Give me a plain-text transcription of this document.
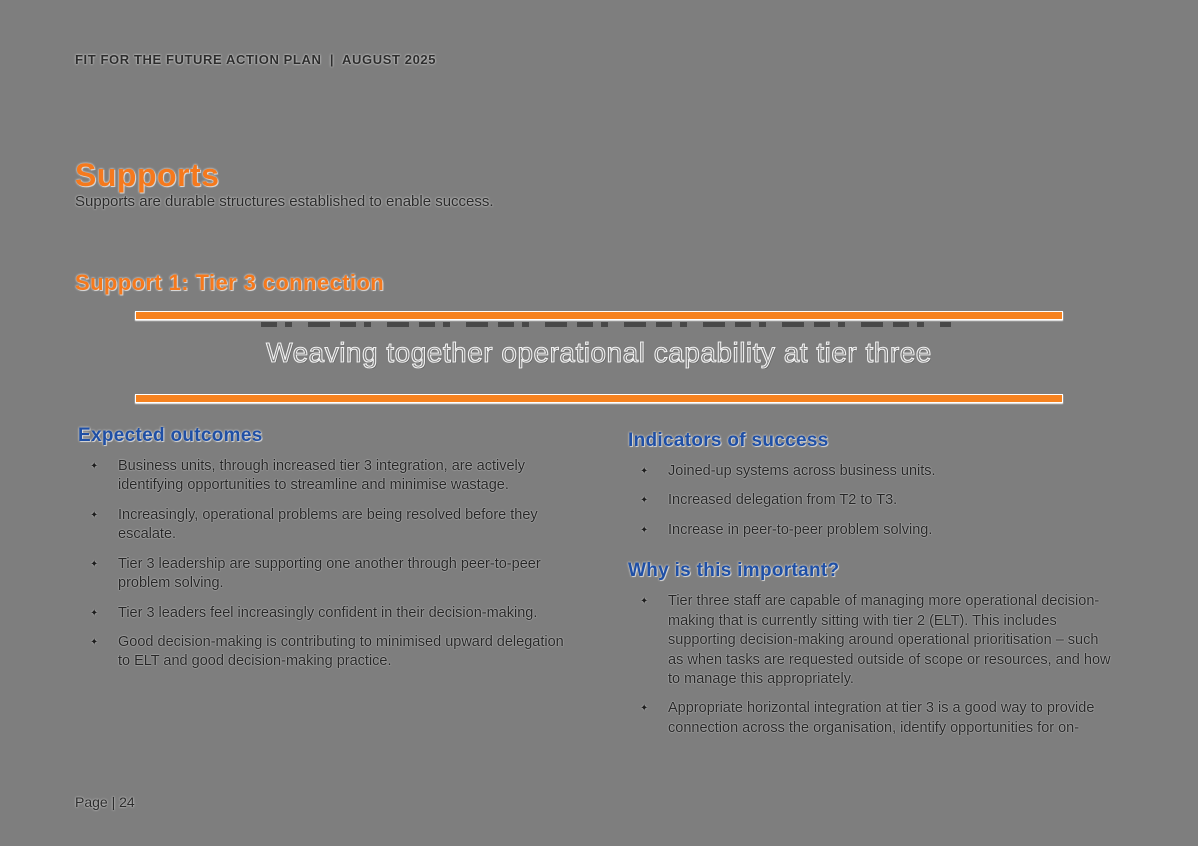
FIT FOR THE FUTURE ACTION PLAN  |  AUGUST 2025
Supports
Supports are durable structures established to enable success.
Support 1: Tier 3 connection
Weaving together operational capability at tier three
Expected outcomes
✦	Business units, through increased tier 3 integration, are actively identifying opportunities to streamline and minimise wastage.
✦	Increasingly, operational problems are being resolved before they escalate.
✦	Tier 3 leadership are supporting one another through peer-to-peer problem solving.
✦	Tier 3 leaders feel increasingly confident in their decision-making.
✦	Good decision-making is contributing to minimised upward delegation to ELT and good decision-making practice.
Indicators of success
✦	Joined-up systems across business units.
✦	Increased delegation from T2 to T3.
✦	Increase in peer-to-peer problem solving.
Why is this important?
✦	Tier three staff are capable of managing more operational decision-making that is currently sitting with tier 2 (ELT). This includes supporting decision-making around operational prioritisation – such as when tasks are requested outside of scope or resources, and how to manage this appropriately.
✦	Appropriate horizontal integration at tier 3 is a good way to provide connection across the organisation, identify opportunities for on-
Page | 24
